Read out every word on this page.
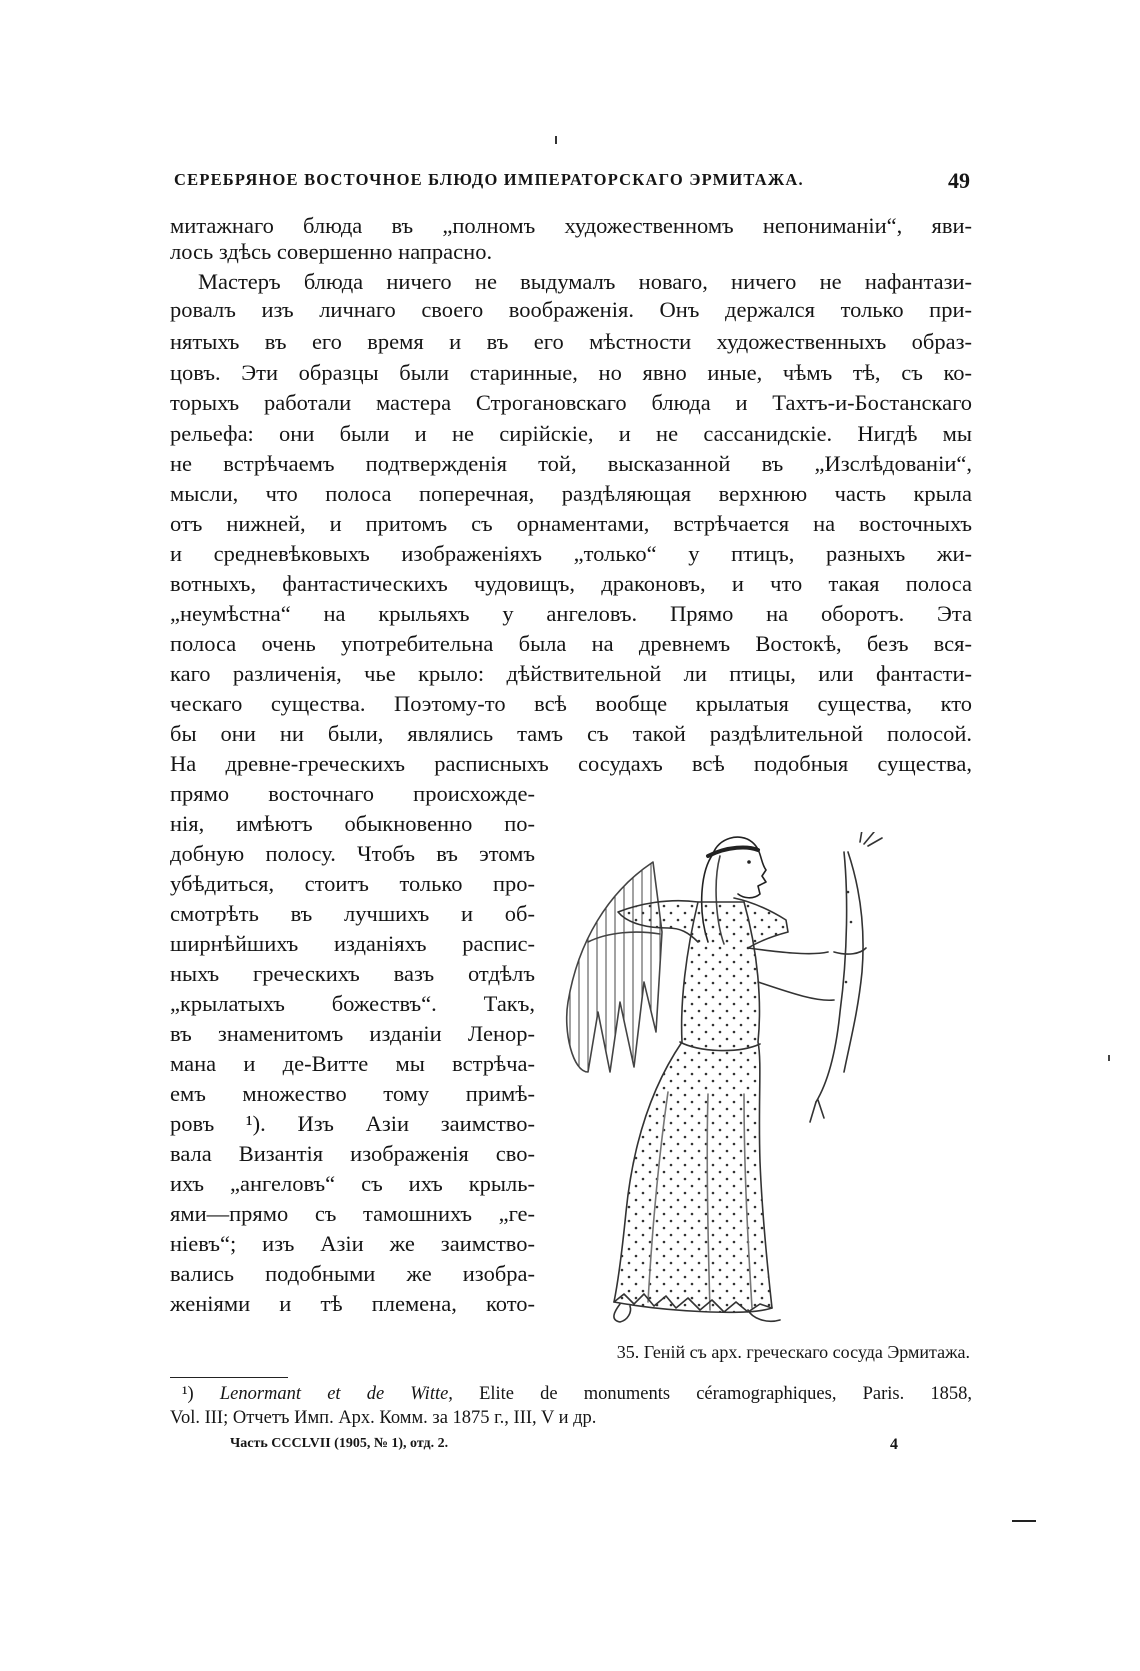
СЕРЕБРЯНОЕ ВОСТОЧНОЕ БЛЮДО ИМПЕРАТОРСКАГО ЭРМИТАЖА.	49
митажнаго блюда въ „полномъ художественномъ непониманіи“, яви-
лось здѣсь совершенно напрасно.
Мастеръ блюда ничего не выдумалъ новаго, ничего не нафантази-
ровалъ изъ личнаго своего воображенія. Онъ держался только при-
нятыхъ въ его время и въ его мѣстности художественныхъ образ-
цовъ. Эти образцы были старинные, но явно иные, чѣмъ тѣ, съ ко-
торыхъ работали мастера Строгановскаго блюда и Тахтъ-и-Бостанскаго
рельефа: они были и не сирійскіе, и не сассанидскіе. Нигдѣ мы
не встрѣчаемъ подтвержденія той, высказанной въ „Изслѣдованіи“,
мысли, что полоса поперечная, раздѣляющая верхнюю часть крыла
отъ нижней, и притомъ съ орнаментами, встрѣчается на восточныхъ
и средневѣковыхъ изображеніяхъ „только“ у птицъ, разныхъ жи-
вотныхъ, фантастическихъ чудовищъ, драконовъ, и что такая полоса
„неумѣстна“ на крыльяхъ у ангеловъ. Прямо на оборотъ. Эта
полоса очень употребительна была на древнемъ Востокѣ, безъ вся-
каго различенія, чье крыло: дѣйствительной ли птицы, или фантасти-
ческаго существа. Поэтому-то всѣ вообще крылатыя существа, кто
бы они ни были, являлись тамъ съ такой раздѣлительной полосой.
На древне-греческихъ расписныхъ сосудахъ всѣ подобныя существа,
прямо восточнаго происхожде-
нія, имѣютъ обыкновенно по-
добную полосу. Чтобъ въ этомъ
убѣдиться, стоитъ только про-
смотрѣть въ лучшихъ и об-
ширнѣйшихъ изданіяхъ распис-
ныхъ греческихъ вазъ отдѣлъ
„крылатыхъ божествъ“. Такъ,
въ знаменитомъ изданіи Ленор-
мана и де-Витте мы встрѣча-
емъ множество тому примѣ-
ровъ ¹). Изъ Азіи заимство-
вала Византія изображенія сво-
ихъ „ангеловъ“ съ ихъ крыль-
ями—прямо съ тамошнихъ „ге-
ніевъ“; изъ Азіи же заимство-
вались подобными же изобра-
женіями и тѣ племена, кото-
35. Геній съ арх. греческаго сосуда Эрмитажа.
¹) Lenormant et de Witte, Elite de monuments céramographiques, Paris. 1858,
Vol. III; Отчетъ Имп. Арх. Комм. за 1875 г., III, V и др.
Часть CCCLVII (1905, № 1), отд. 2.	4
